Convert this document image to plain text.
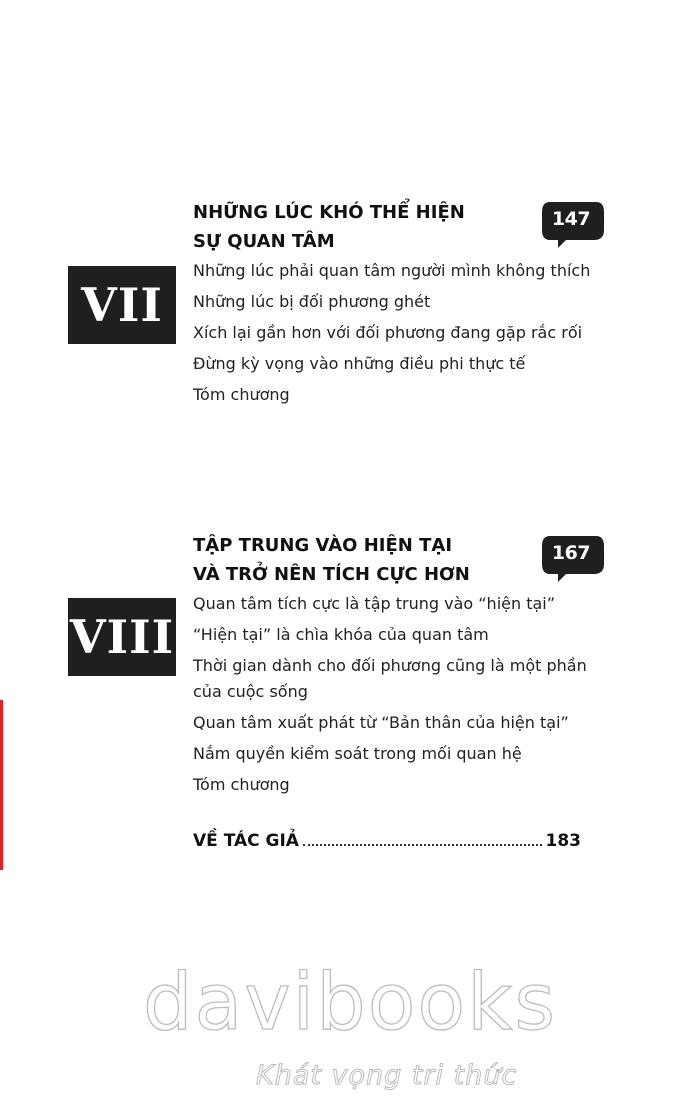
NHỮNG LÚC KHÓ THỂ HIỆN
SỰ QUAN TÂM
147
VII
Những lúc phải quan tâm người mình không thích
Những lúc bị đối phương ghét
Xích lại gần hơn với đối phương đang gặp rắc rối
Đừng kỳ vọng vào những điều phi thực tế
Tóm chương
TẬP TRUNG VÀO HIỆN TẠI
VÀ TRỞ NÊN TÍCH CỰC HƠN
167
VIII
Quan tâm tích cực là tập trung vào “hiện tại”
“Hiện tại” là chìa khóa của quan tâm
Thời gian dành cho đối phương cũng là một phần của cuộc sống
Quan tâm xuất phát từ “Bản thân của hiện tại”
Nắm quyền kiểm soát trong mối quan hệ
Tóm chương
VỀ TÁC GIẢ	183
davibooks
Khát vọng tri thức
